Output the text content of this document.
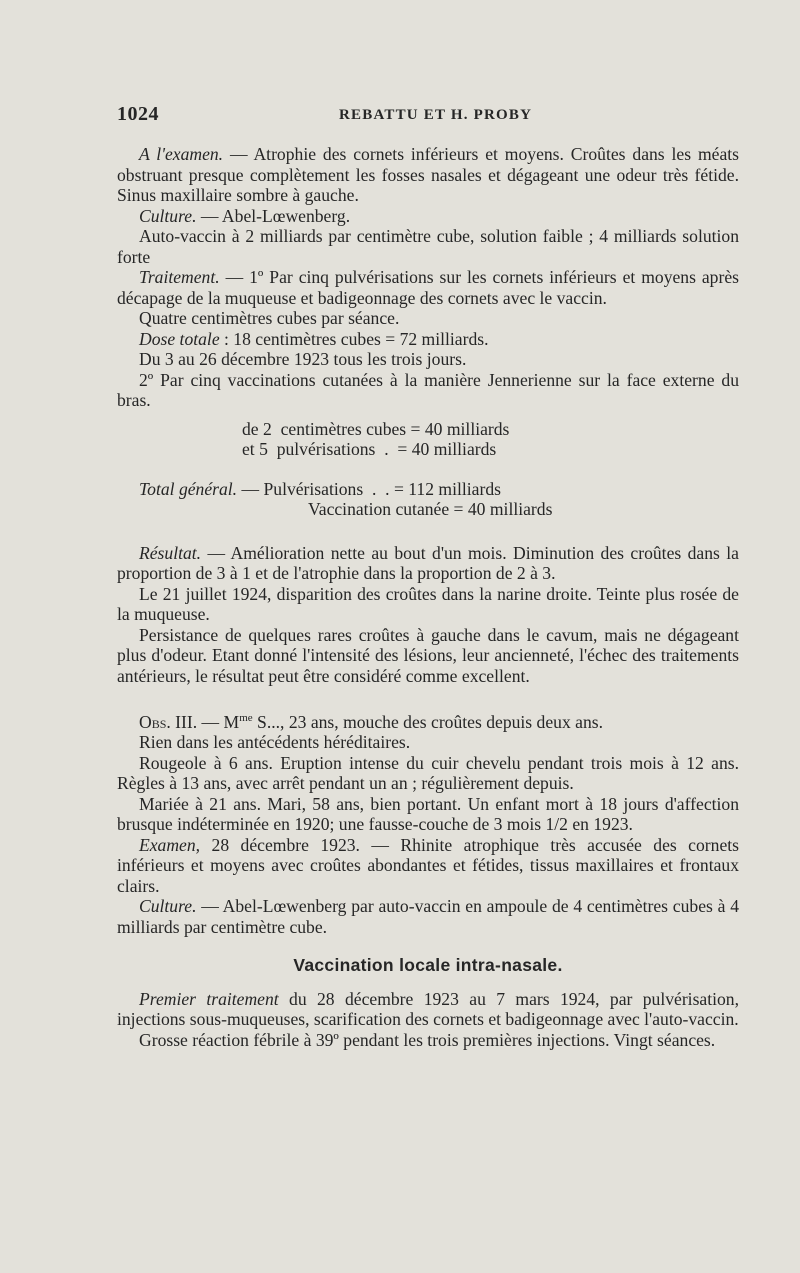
1024	REBATTU ET H. PROBY

A l'examen. — Atrophie des cornets inférieurs et moyens. Croûtes dans les méats obstruant presque complètement les fosses nasales et dégageant une odeur très fétide. Sinus maxillaire sombre à gauche.

Culture. — Abel-Lœwenberg.

Auto-vaccin à 2 milliards par centimètre cube, solution faible ; 4 milliards solution forte

Traitement. — 1º Par cinq pulvérisations sur les cornets inférieurs et moyens après décapage de la muqueuse et badigeonnage des cornets avec le vaccin.

Quatre centimètres cubes par séance.

Dose totale : 18 centimètres cubes = 72 milliards.

Du 3 au 26 décembre 1923 tous les trois jours.

2º Par cinq vaccinations cutanées à la manière Jennerienne sur la face externe du bras.

de 2  centimètres cubes = 40 milliards

et 5  pulvérisations  .  = 40 milliards

Total général. — Pulvérisations  .  . = 112 milliards

Vaccination cutanée = 40 milliards

Résultat. — Amélioration nette au bout d'un mois. Diminution des croûtes dans la proportion de 3 à 1 et de l'atrophie dans la proportion de 2 à 3.

Le 21 juillet 1924, disparition des croûtes dans la narine droite. Teinte plus rosée de la muqueuse.

Persistance de quelques rares croûtes à gauche dans le cavum, mais ne dégageant plus d'odeur. Etant donné l'intensité des lésions, leur ancienneté, l'échec des traitements antérieurs, le résultat peut être considéré comme excellent.

Obs. III. — $M^{me}$ S..., 23 ans, mouche des croûtes depuis deux ans.

Rien dans les antécédents héréditaires.

Rougeole à 6 ans. Eruption intense du cuir chevelu pendant trois mois à 12 ans. Règles à 13 ans, avec arrêt pendant un an ; régulièrement depuis.

Mariée à 21 ans. Mari, 58 ans, bien portant. Un enfant mort à 18 jours d'affection brusque indéterminée en 1920; une fausse-couche de 3 mois 1/2 en 1923.

Examen, 28 décembre 1923. — Rhinite atrophique très accusée des cornets inférieurs et moyens avec croûtes abondantes et fétides, tissus maxillaires et frontaux clairs.

Culture. — Abel-Lœwenberg par auto-vaccin en ampoule de 4 centimètres cubes à 4 milliards par centimètre cube.

Vaccination locale intra-nasale.

Premier traitement du 28 décembre 1923 au 7 mars 1924, par pulvérisation, injections sous-muqueuses, scarification des cornets et badigeonnage avec l'auto-vaccin.

Grosse réaction fébrile à 39º pendant les trois premières injections. Vingt séances.
